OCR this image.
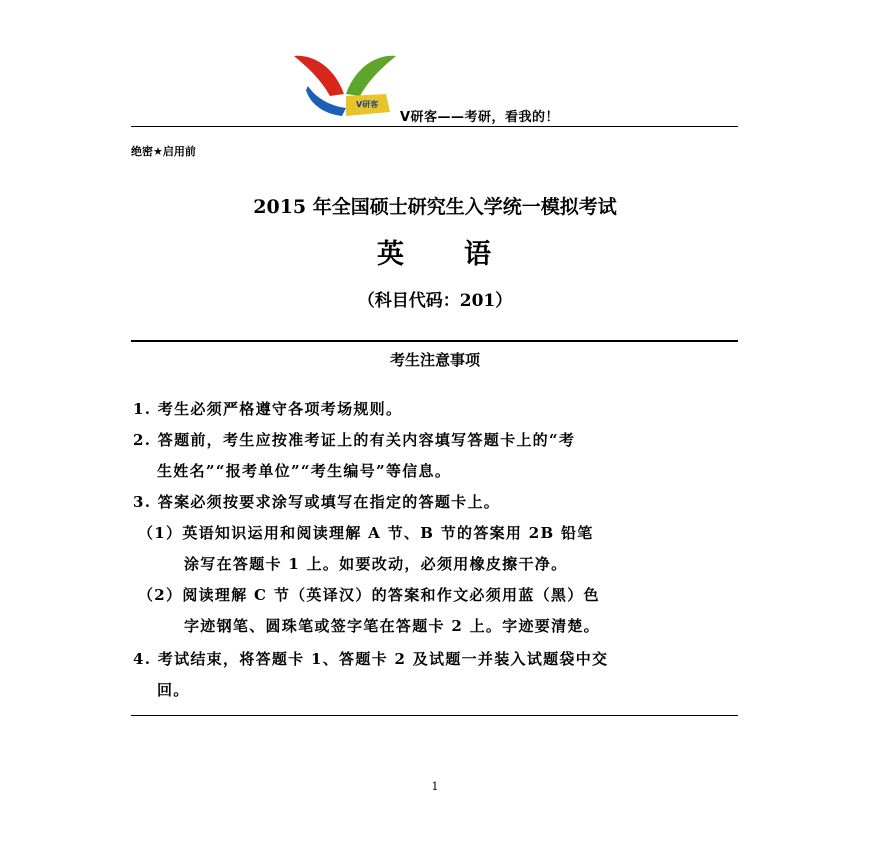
V研客
V研客——考研，看我的！
绝密★启用前
2015 年全国硕士研究生入学统一模拟考试
英　　语
（科目代码：201）
考生注意事项
1. 考生必须严格遵守各项考场规则。
2. 答题前，考生应按准考证上的有关内容填写答题卡上的“考
生姓名”“报考单位”“考生编号”等信息。
3. 答案必须按要求涂写或填写在指定的答题卡上。
（1）英语知识运用和阅读理解 A 节、B 节的答案用 2B 铅笔
涂写在答题卡 1 上。如要改动，必须用橡皮擦干净。
（2）阅读理解 C 节（英译汉）的答案和作文必须用蓝（黑）色
字迹钢笔、圆珠笔或签字笔在答题卡 2 上。字迹要清楚。
4. 考试结束，将答题卡 1、答题卡 2 及试题一并装入试题袋中交
回。
1
